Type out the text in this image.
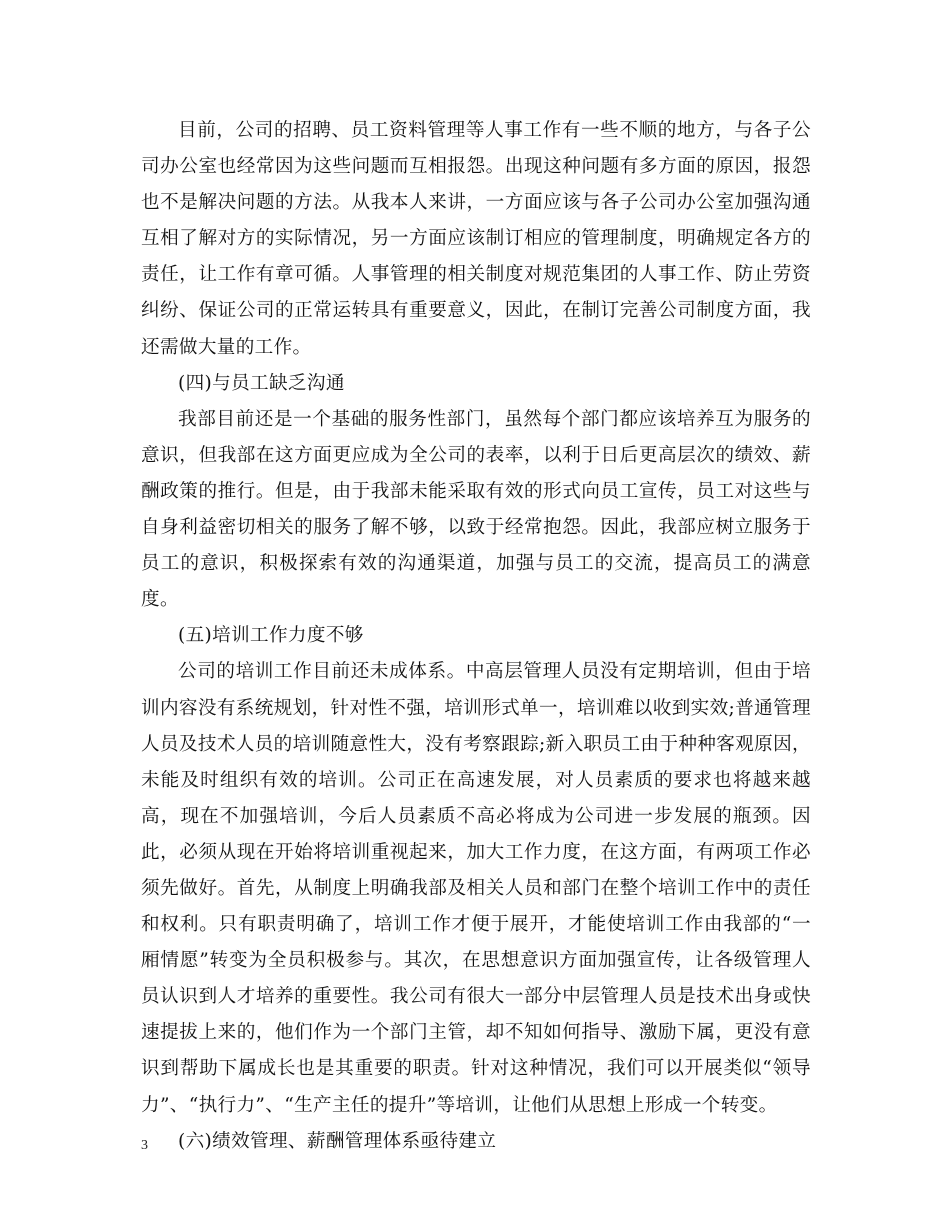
目前，公司的招聘、员工资料管理等人事工作有一些不顺的地方，与各子公司办公室也经常因为这些问题而互相报怨。出现这种问题有多方面的原因，报怨也不是解决问题的方法。从我本人来讲，一方面应该与各子公司办公室加强沟通互相了解对方的实际情况，另一方面应该制订相应的管理制度，明确规定各方的责任，让工作有章可循。人事管理的相关制度对规范集团的人事工作、防止劳资纠纷、保证公司的正常运转具有重要意义，因此，在制订完善公司制度方面，我还需做大量的工作。

(四)与员工缺乏沟通

我部目前还是一个基础的服务性部门，虽然每个部门都应该培养互为服务的意识，但我部在这方面更应成为全公司的表率，以利于日后更高层次的绩效、薪酬政策的推行。但是，由于我部未能采取有效的形式向员工宣传，员工对这些与自身利益密切相关的服务了解不够，以致于经常抱怨。因此，我部应树立服务于员工的意识，积极探索有效的沟通渠道，加强与员工的交流，提高员工的满意度。

(五)培训工作力度不够

公司的培训工作目前还未成体系。中高层管理人员没有定期培训，但由于培训内容没有系统规划，针对性不强，培训形式单一，培训难以收到实效;普通管理人员及技术人员的培训随意性大，没有考察跟踪;新入职员工由于种种客观原因，未能及时组织有效的培训。公司正在高速发展，对人员素质的要求也将越来越高，现在不加强培训，今后人员素质不高必将成为公司进一步发展的瓶颈。因此，必须从现在开始将培训重视起来，加大工作力度，在这方面，有两项工作必须先做好。首先，从制度上明确我部及相关人员和部门在整个培训工作中的责任和权利。只有职责明确了，培训工作才便于展开，才能使培训工作由我部的“一厢情愿”转变为全员积极参与。其次，在思想意识方面加强宣传，让各级管理人员认识到人才培养的重要性。我公司有很大一部分中层管理人员是技术出身或快速提拔上来的，他们作为一个部门主管，却不知如何指导、激励下属，更没有意识到帮助下属成长也是其重要的职责。针对这种情况，我们可以开展类似“领导力”、“执行力”、“生产主任的提升”等培训，让他们从思想上形成一个转变。

(六)绩效管理、薪酬管理体系亟待建立

3
